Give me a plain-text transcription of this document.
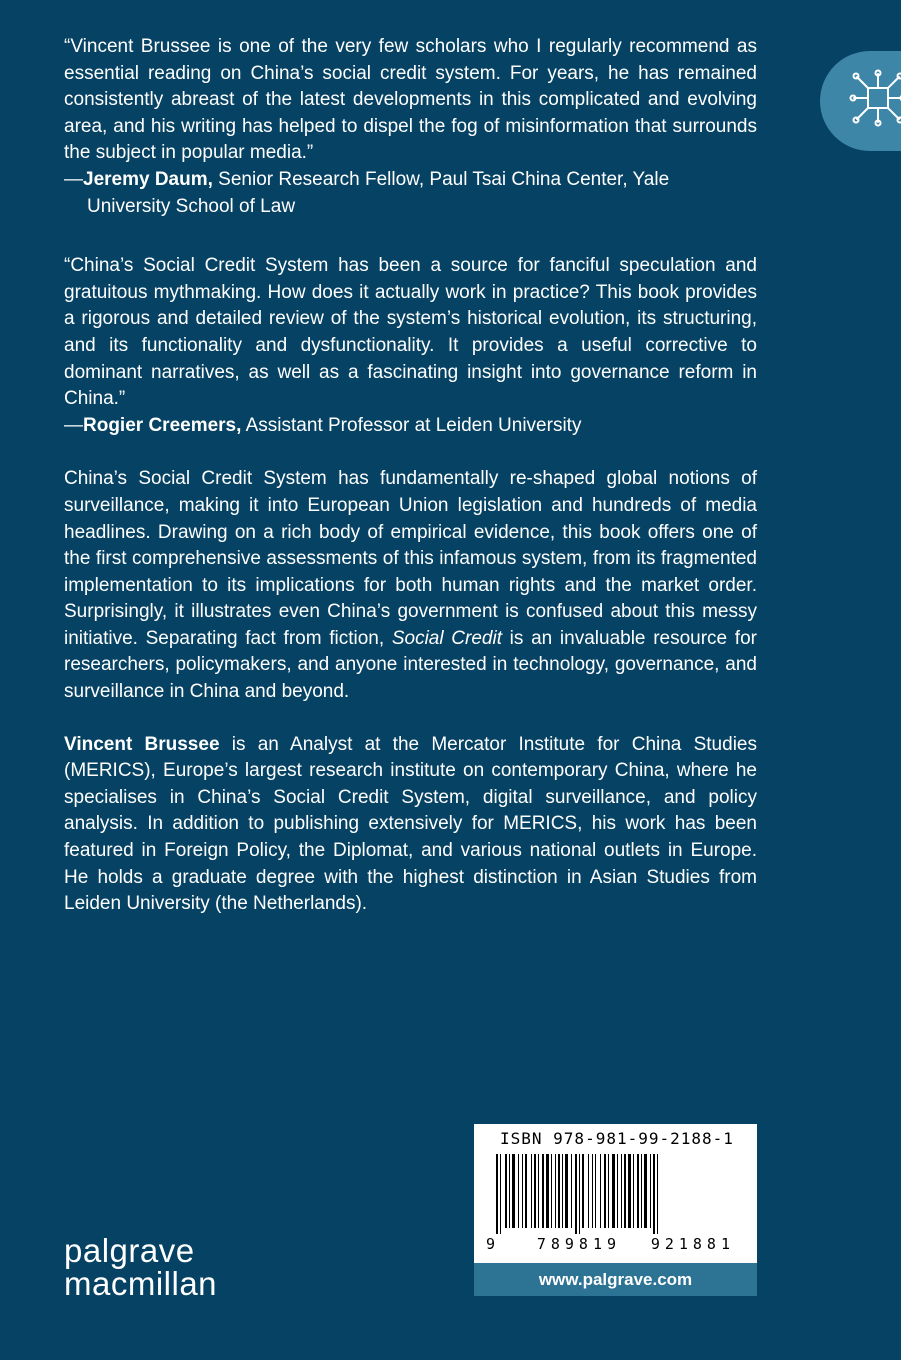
“Vincent Brussee is one of the very few scholars who I regularly recommend as essential reading on China’s social credit system. For years, he has remained consistently abreast of the latest developments in this complicated and evolving area, and his writing has helped to dispel the fog of misinformation that surrounds the subject in popular media.”

—Jeremy Daum, Senior Research Fellow, Paul Tsai China Center, Yale University School of Law

“China’s Social Credit System has been a source for fanciful speculation and gratuitous mythmaking. How does it actually work in practice? This book provides a rigorous and detailed review of the system’s historical evolution, its structuring, and its functionality and dysfunctionality. It provides a useful corrective to dominant narratives, as well as a fascinating insight into governance reform in China.”

—Rogier Creemers, Assistant Professor at Leiden University

China’s Social Credit System has fundamentally re-shaped global notions of surveillance, making it into European Union legislation and hundreds of media headlines. Drawing on a rich body of empirical evidence, this book offers one of the first comprehensive assessments of this infamous system, from its fragmented implementation to its implications for both human rights and the market order. Surprisingly, it illustrates even China’s government is confused about this messy initiative. Separating fact from fiction, Social Credit is an invaluable resource for researchers, policymakers, and anyone interested in technology, governance, and surveillance in China and beyond.

Vincent Brussee is an Analyst at the Mercator Institute for China Studies (MERICS), Europe’s largest research institute on contemporary China, where he specialises in China’s Social Credit System, digital surveillance, and policy analysis. In addition to publishing extensively for MERICS, his work has been featured in Foreign Policy, the Diplomat, and various national outlets in Europe. He holds a graduate degree with the highest distinction in Asian Studies from Leiden University (the Netherlands).

palgrave
macmillan
ISBN 978-981-99-2188-1
9	789819 921881
www.palgrave.com
